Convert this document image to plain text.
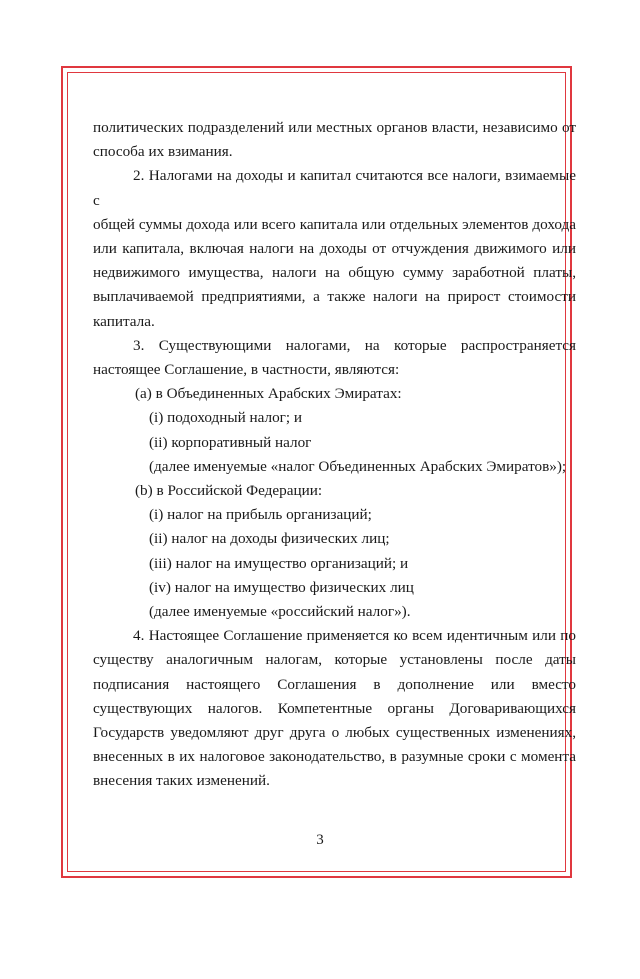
политических подразделений или местных органов власти, независимо от

способа их взимания.

2. Налогами на доходы и капитал считаются все налоги, взимаемые с

общей суммы дохода или всего капитала или отдельных элементов дохода

или капитала, включая налоги на доходы от отчуждения движимого или

недвижимого имущества, налоги на общую сумму заработной платы,

выплачиваемой предприятиями, а также налоги на прирост стоимости

капитала.

3. Существующими налогами, на которые распространяется

настоящее Соглашение, в частности, являются:

(a) в Объединенных Арабских Эмиратах:

(i) подоходный налог; и

(ii) корпоративный налог

(далее именуемые «налог Объединенных Арабских Эмиратов»);

(b) в Российской Федерации:

(i) налог на прибыль организаций;

(ii) налог на доходы физических лиц;

(iii) налог на имущество организаций; и

(iv) налог на имущество физических лиц

(далее именуемые «российский налог»).

4. Настоящее Соглашение применяется ко всем идентичным или по

существу аналогичным налогам, которые установлены после даты

подписания настоящего Соглашения в дополнение или вместо

существующих налогов. Компетентные органы Договаривающихся

Государств уведомляют друг друга о любых существенных изменениях,

внесенных в их налоговое законодательство, в разумные сроки с момента

внесения таких изменений.

3
